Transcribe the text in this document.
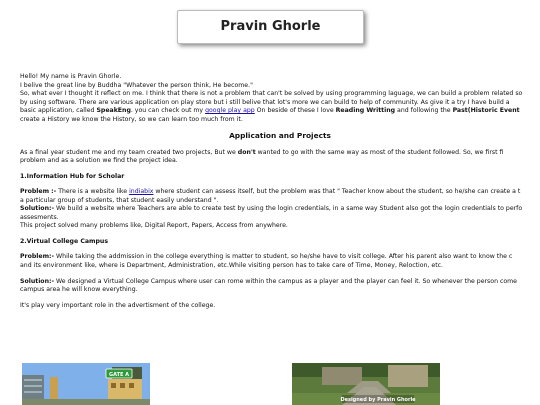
Pravin Ghorle

Hello! My name is Pravin Ghorle.

I belive the great line by Buddha "Whatever the person think, He become."

So, what ever I thought it reflect on me. I think that there is not a problem that can't be solved by using programming laguage, we can build a problem related so

by using software. There are various application on play store but i still belive that lot's more we can build to help of community. As give it a try I have build a

basic application, called SpeakEng. you can check out my google play app On beside of these I love Reading Writting and following the Past(Historic Event

create a History we know the History, so we can learn too much from it.

Application and Projects

As a final year student me and my team created two projects, But we don't wanted to go with the same way as most of the student followed. So, we first fi

problem and as a solution we find the project idea.

1.Information Hub for Scholar

Problem :- There is a website like indiabix where student can assess itself, but the problem was that " Teacher know about the student, so he/she can create a t

a particular group of students, that student easily understand ".

Solution:- We build a website where Teachers are able to create test by using the login credentials, in a same way Student also got the login credentials to perfo

assesments.

This project solved many problems like, Digital Report, Papers, Access from anywhere.

2.Virtual College Campus

Problem:- While taking the addmission in the college everything is matter to student, so he/she have to visit college. After his parent also want to know the c

and its environment like, where is Department, Administration, etc.While visiting person has to take care of Time, Money, Reloction, etc.

Solution:- We designed a Virtual College Campus where user can rome within the campus as a player and the player can feel it. So whenever the person come

campus area he will know everything.

It's play very important role in the advertisment of the college.

GATE A
Designed by Pravin Ghorle
